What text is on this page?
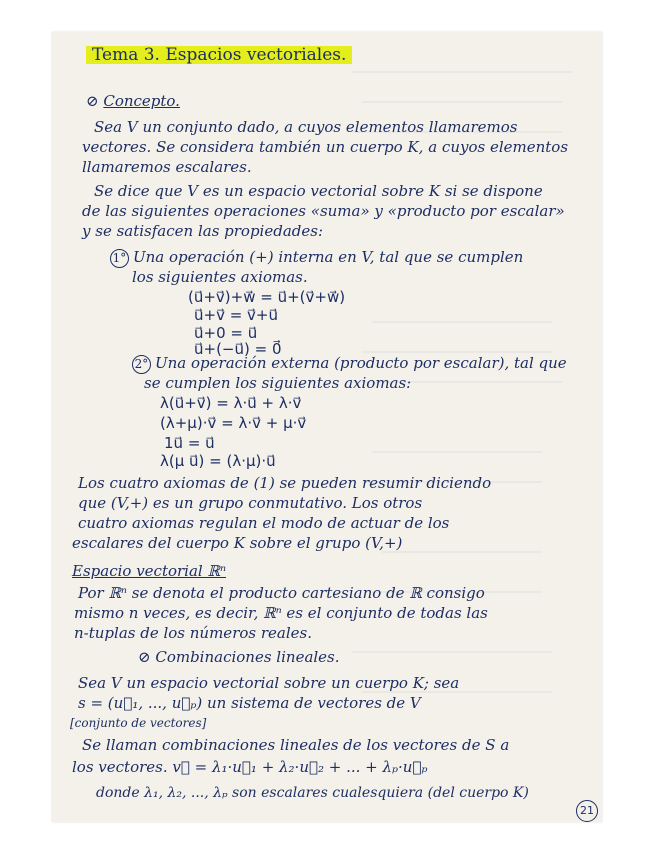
Tema 3. Espacios vectoriales.
⊘ Concepto.
Sea V un conjunto dado, a cuyos elementos llamaremos
vectores. Se considera también un cuerpo K, a cuyos elementos
llamaremos escalares.
Se dice que V es un espacio vectorial sobre K si se dispone
de las siguientes operaciones «suma» y «producto por escalar»
y se satisfacen las propiedades:
1° Una operación (+) interna en V, tal que se cumplen
los siguientes axiomas.
(u⃗+v⃗)+w⃗ = u⃗+(v⃗+w⃗)
u⃗+v⃗ = v⃗+u⃗
u⃗+0 = u⃗
u⃗+(−u⃗) = 0⃗
2° Una operación externa (producto por escalar), tal que
se cumplen los siguientes axiomas:
λ(u⃗+v⃗) = λ·u⃗ + λ·v⃗
(λ+μ)·v⃗ = λ·v⃗ + μ·v⃗
1u⃗ = u⃗
λ(μ u⃗) = (λ·μ)·u⃗
Los cuatro axiomas de (1) se pueden resumir diciendo
que (V,+) es un grupo conmutativo. Los otros
cuatro axiomas regulan el modo de actuar de los
escalares del cuerpo K sobre el grupo (V,+)
Espacio vectorial ℝⁿ
Por ℝⁿ se denota el producto cartesiano de ℝ consigo
mismo n veces, es decir, ℝⁿ es el conjunto de todas las
n-tuplas de los números reales.
⊘ Combinaciones lineales.
Sea V un espacio vectorial sobre un cuerpo K; sea
s = (u⃗₁, ..., u⃗ₚ) un sistema de vectores de V
[conjunto de vectores]
Se llaman combinaciones lineales de los vectores de S a
los vectores. v⃗ = λ₁·u⃗₁ + λ₂·u⃗₂ + ... + λₚ·u⃗ₚ
donde λ₁, λ₂, ..., λₚ son escalares cualesquiera (del cuerpo K)
21
